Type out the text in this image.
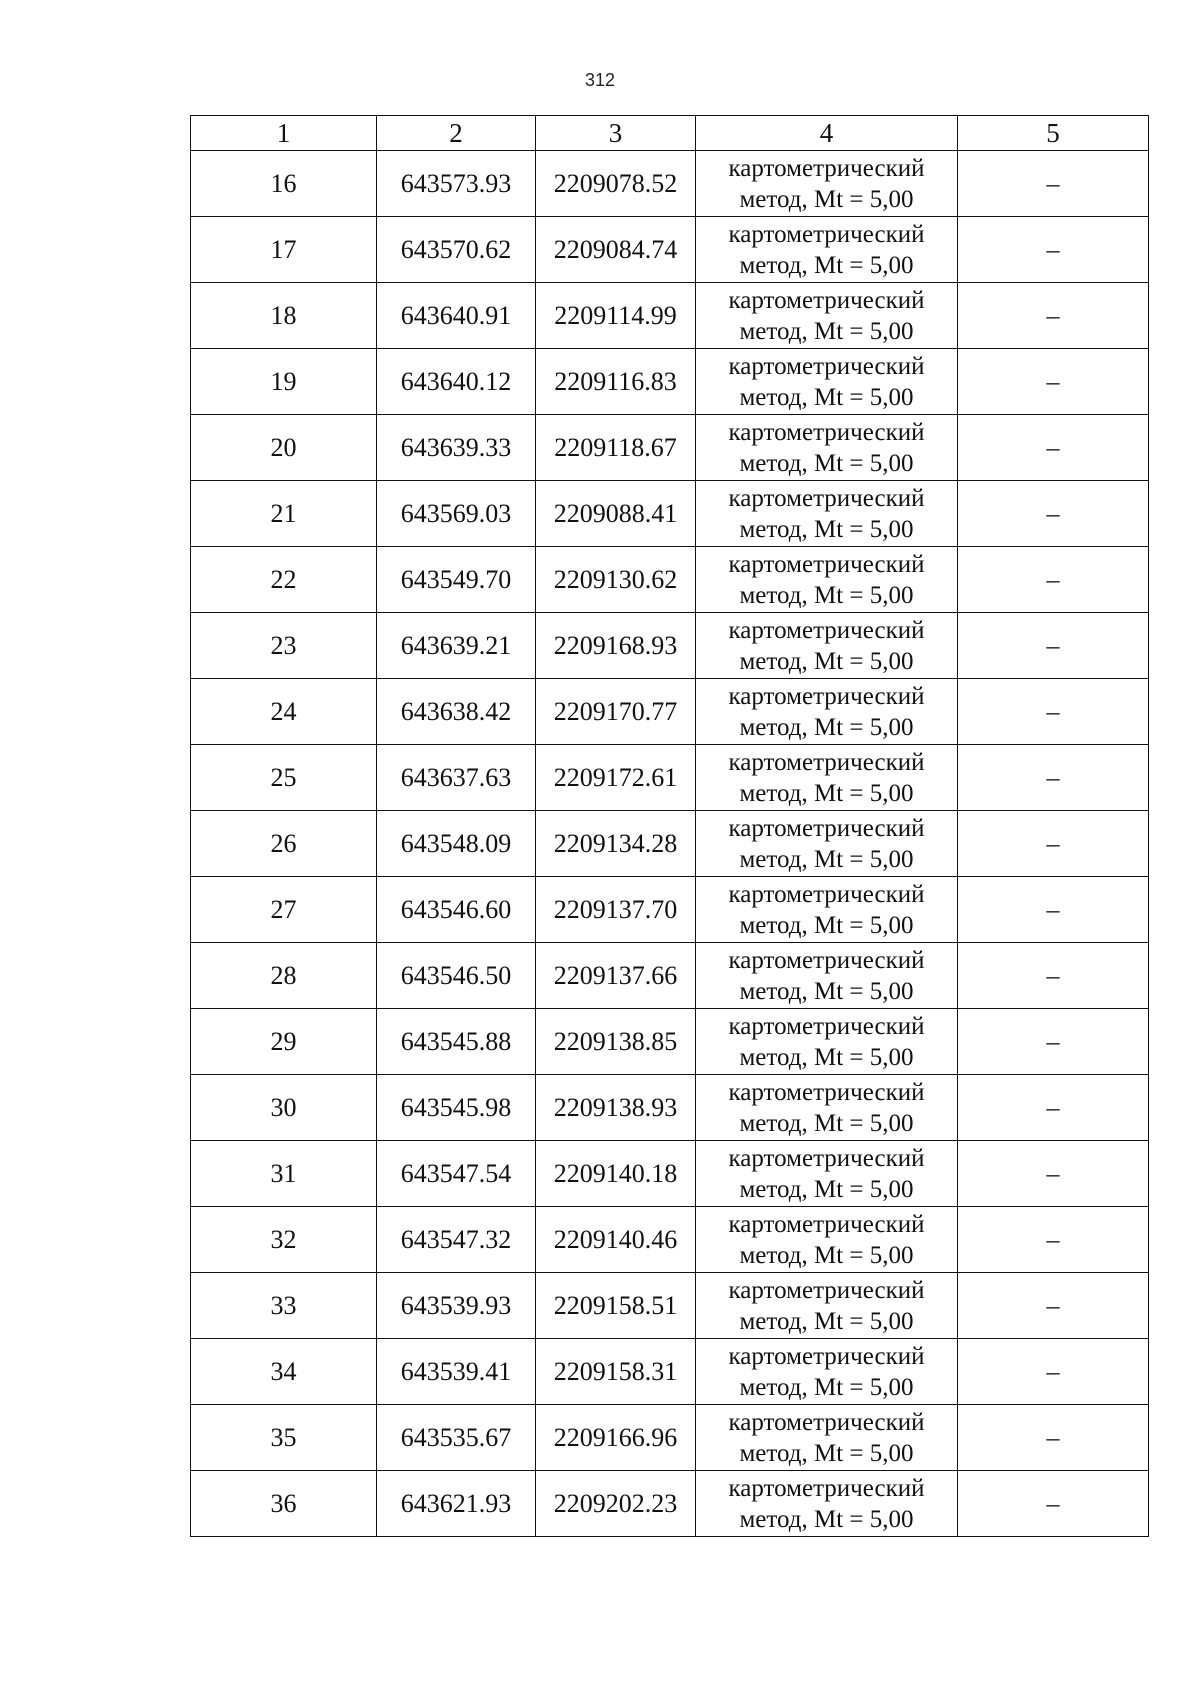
312
1	2	3	4	5
16	643573.93	2209078.52	картометрический
метод, Mt = 5,00	–
17	643570.62	2209084.74	картометрический
метод, Mt = 5,00	–
18	643640.91	2209114.99	картометрический
метод, Mt = 5,00	–
19	643640.12	2209116.83	картометрический
метод, Mt = 5,00	–
20	643639.33	2209118.67	картометрический
метод, Mt = 5,00	–
21	643569.03	2209088.41	картометрический
метод, Mt = 5,00	–
22	643549.70	2209130.62	картометрический
метод, Mt = 5,00	–
23	643639.21	2209168.93	картометрический
метод, Mt = 5,00	–
24	643638.42	2209170.77	картометрический
метод, Mt = 5,00	–
25	643637.63	2209172.61	картометрический
метод, Mt = 5,00	–
26	643548.09	2209134.28	картометрический
метод, Mt = 5,00	–
27	643546.60	2209137.70	картометрический
метод, Mt = 5,00	–
28	643546.50	2209137.66	картометрический
метод, Mt = 5,00	–
29	643545.88	2209138.85	картометрический
метод, Mt = 5,00	–
30	643545.98	2209138.93	картометрический
метод, Mt = 5,00	–
31	643547.54	2209140.18	картометрический
метод, Mt = 5,00	–
32	643547.32	2209140.46	картометрический
метод, Mt = 5,00	–
33	643539.93	2209158.51	картометрический
метод, Mt = 5,00	–
34	643539.41	2209158.31	картометрический
метод, Mt = 5,00	–
35	643535.67	2209166.96	картометрический
метод, Mt = 5,00	–
36	643621.93	2209202.23	картометрический
метод, Mt = 5,00	–
